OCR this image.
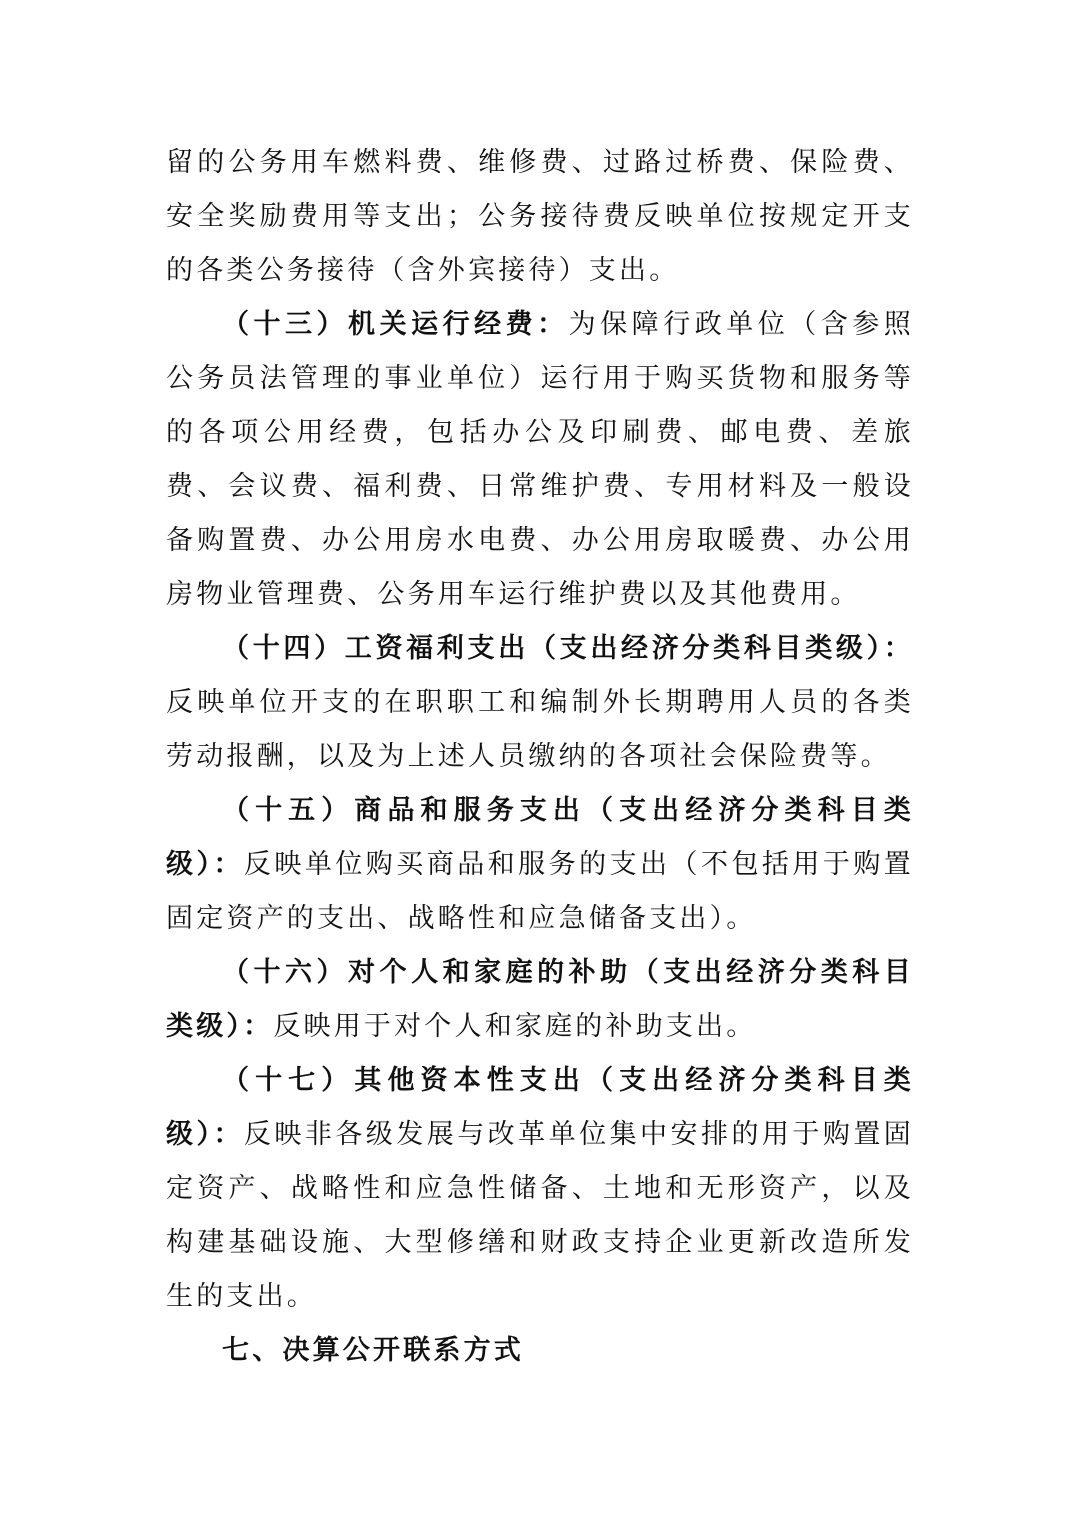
留的公务用车燃料费、维修费、过路过桥费、保险费、安全奖励费用等支出；公务接待费反映单位按规定开支的各类公务接待（含外宾接待）支出。

（十三）机关运行经费：为保障行政单位（含参照公务员法管理的事业单位）运行用于购买货物和服务等的各项公用经费，包括办公及印刷费、邮电费、差旅费、会议费、福利费、日常维护费、专用材料及一般设备购置费、办公用房水电费、办公用房取暖费、办公用房物业管理费、公务用车运行维护费以及其他费用。

（十四）工资福利支出（支出经济分类科目类级）：反映单位开支的在职职工和编制外长期聘用人员的各类劳动报酬，以及为上述人员缴纳的各项社会保险费等。

（十五）商品和服务支出（支出经济分类科目类级）：反映单位购买商品和服务的支出（不包括用于购置固定资产的支出、战略性和应急储备支出）。

（十六）对个人和家庭的补助（支出经济分类科目类级）：反映用于对个人和家庭的补助支出。

（十七）其他资本性支出（支出经济分类科目类级）：反映非各级发展与改革单位集中安排的用于购置固定资产、战略性和应急性储备、土地和无形资产，以及构建基础设施、大型修缮和财政支持企业更新改造所发生的支出。

七、决算公开联系方式
